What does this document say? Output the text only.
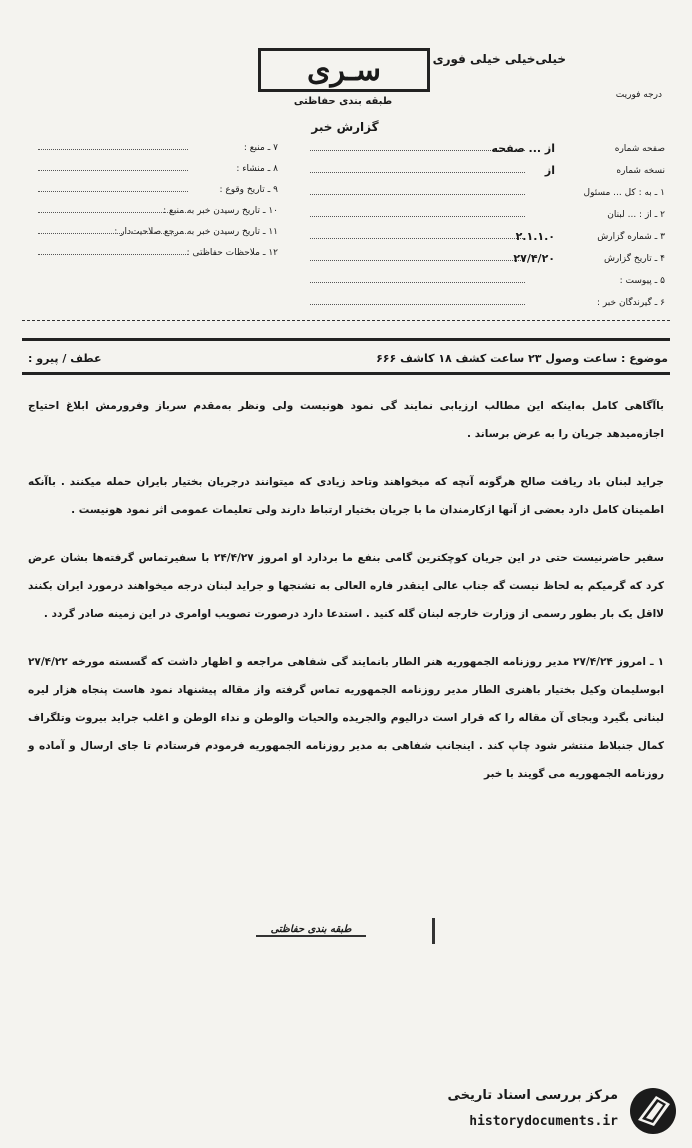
سـرى
طبقه بندى حفاظتى
خیلى‌خیلى خیلى فورى
درجه فوریت
گزارش خبر
صفحه شماره
از ... صفحه
نسخه شماره
از
۱ ـ به : کل ... مسئول
۲ ـ از : ... لبنان
۳ ـ شماره گزارش
۲.۱.۱.۰
۴ ـ تاریخ گزارش
۲۷/۴/۲۰
۵ ـ پیوست :
۶ ـ گیرندگان خبر :
۷ ـ منبع :
۸ ـ منشاء :
۹ ـ تاریخ وقوع :
۱۰ ـ تاریخ رسیدن خبر به منبع :
۱۱ ـ تاریخ رسیدن خبر به مرجع صلاحیت‌دار :
۱۲ ـ ملاحظات حفاظتى :
موضوع : ساعت وصول ۲۳ ساعت کشف ۱۸ کاشف ۶۶۶
عطف / پیرو :

باآگاهى کامل به‌اینکه این مطالب ارزیابى نمایند گى نمود هونیست ولى ونظر به‌مقدم سرباز وفرورمش ابلاغ احتیاج اجازه‌میدهد جریان را به عرض برساند .

جراید لبنان باد ریافت صالح هرگونه آنچه که میخواهند وتاحد زیادى که میتوانند درجریان بختیار بایران حمله میکنند . باآنکه اطمینان کامل دارد بعضى از آنها ازکارمندان ما با جریان بختیار ارتباط دارند ولى تعلیمات عمومى اثر نمود هونیست .

سفیر حاضرنیست حتى در این جریان کوچکترین گامى بنفع ما بردارد او امروز ۲۴/۴/۲۷ با سفیرتماس گرفته‌ها بشان عرض کرد که گرمیکم به لحاظ نیست گه جناب عالى اینقدر فاره العالى به تشنجها و جراید لبنان درجه میخواهند درمورد ایران بکنند لااقل یک بار بطور رسمى از وزارت خارجه لبنان گله کنید . استدعا دارد درصورت تصویب اوامرى در این زمینه صادر گردد .

۱ ـ امروز ۲۷/۴/۲۴ مدیر روزنامه الجمهوریه هنر الطار بانمایند گى شفاهى مراجعه و اظهار داشت که گسسته مورخه ۲۷/۴/۲۲ ابوسلیمان وکیل بختیار باهنری الطار مدیر روزنامه الجمهوریه تماس گرفته واز مقاله پیشنهاد نمود هاست پنجاه هزار لیره لبنانى بگیرد وبجاى آن مقاله را که قرار است درالیوم والجریده والحیات والوطن و نداء الوطن و اغلب جراید بیروت وتلگراف کمال جنبلاط منتشر شود چاپ کند . اینجانب شفاهى به مدیر روزنامه الجمهوریه فرمودم فرستادم تا جاى ارسال و آماده و روزنامه الجمهوریه مى گویند با خبر

طبقه بندى حفاظتى
مرکز بررسی اسناد تاریخی
historydocuments.ir
